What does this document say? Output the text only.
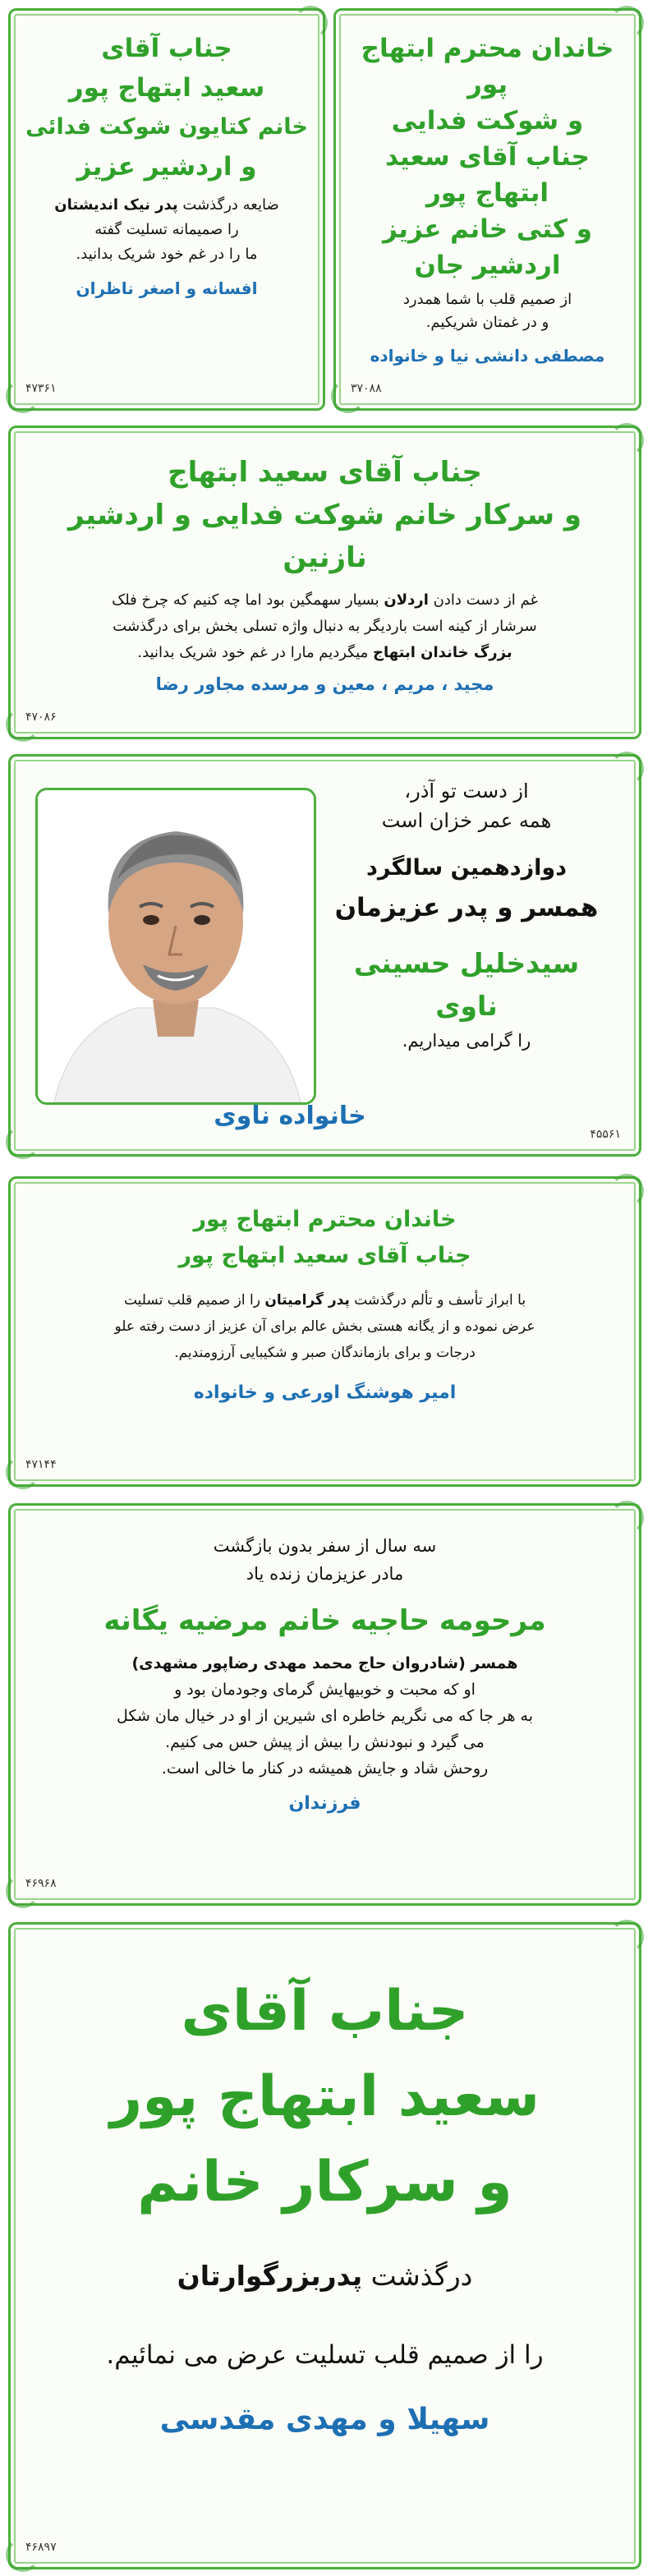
خاندان محترم ابتهاج پور
و شوکت فدایی
جناب آقای سعید ابتهاج پور
و کتی خانم عزیز
اردشیر جان

از صمیم قلب با شما همدرد
و در غمتان شریکیم.

مصطفی دانشی نیا و خانواده

۳۷۰۸۸

جناب آقای
سعید ابتهاج پور
خانم کتایون شوکت فدائی
و اردشیر عزیز

ضایعه درگذشت پدر نیک اندیشتان
را صمیمانه تسلیت گفته
ما را در غم خود شریک بدانید.

افسانه و اصغر ناظران

۴۷۳۶۱

جناب آقای سعید ابتهاج
و سرکار خانم شوکت فدایی و اردشیر نازنین

غم از دست دادن اردلان بسیار سهمگین بود اما چه کنیم که چرخ فلک
سرشار از کینه است باردیگر به دنبال واژه تسلی بخش برای درگذشت
بزرگ خاندان ابتهاج میگردیم مارا در غم خود شریک بدانید.

مجید ، مریم ، معین و مرسده مجاور رضا

۴۷۰۸۶

از دست تو آذر،
همه عمر خزان است

دوازدهمین سالگرد

همسر و پدر عزیزمان

سیدخلیل حسینی ناوی

را گرامی میداریم.

خانواده ناوی

۴۵۵۶۱

خاندان محترم ابتهاج پور
جناب آقای سعید ابتهاج پور

با ابراز تأسف و تألم درگذشت پدر گرامیتان را از صمیم قلب تسلیت
عرض نموده و از یگانه هستی بخش عالم برای آن عزیز از دست رفته علو
درجات و برای بازماندگان صبر و شکیبایی آرزومندیم.

امیر هوشنگ اورعی و خانواده

۴۷۱۴۴

سه سال از سفر بدون بازگشت
مادر عزیزمان زنده یاد

مرحومه حاجیه خانم مرضیه یگانه

همسر (شادروان حاج محمد مهدی رضاپور مشهدی)
او که محبت و خوبیهایش گرمای وجودمان بود و
به هر جا که می نگریم خاطره ای شیرین از او در خیال مان شکل
می گیرد و نبودنش را بیش از پیش حس می کنیم.
روحش شاد و جایش همیشه در کنار ما خالی است.

فرزندان

۴۶۹۶۸

جناب آقای
سعید ابتهاج پور
و سرکار خانم

درگذشت پدربزرگوارتان

را از صمیم قلب تسلیت عرض می نمائیم.

سهیلا و مهدی مقدسی

۴۶۸۹۷
